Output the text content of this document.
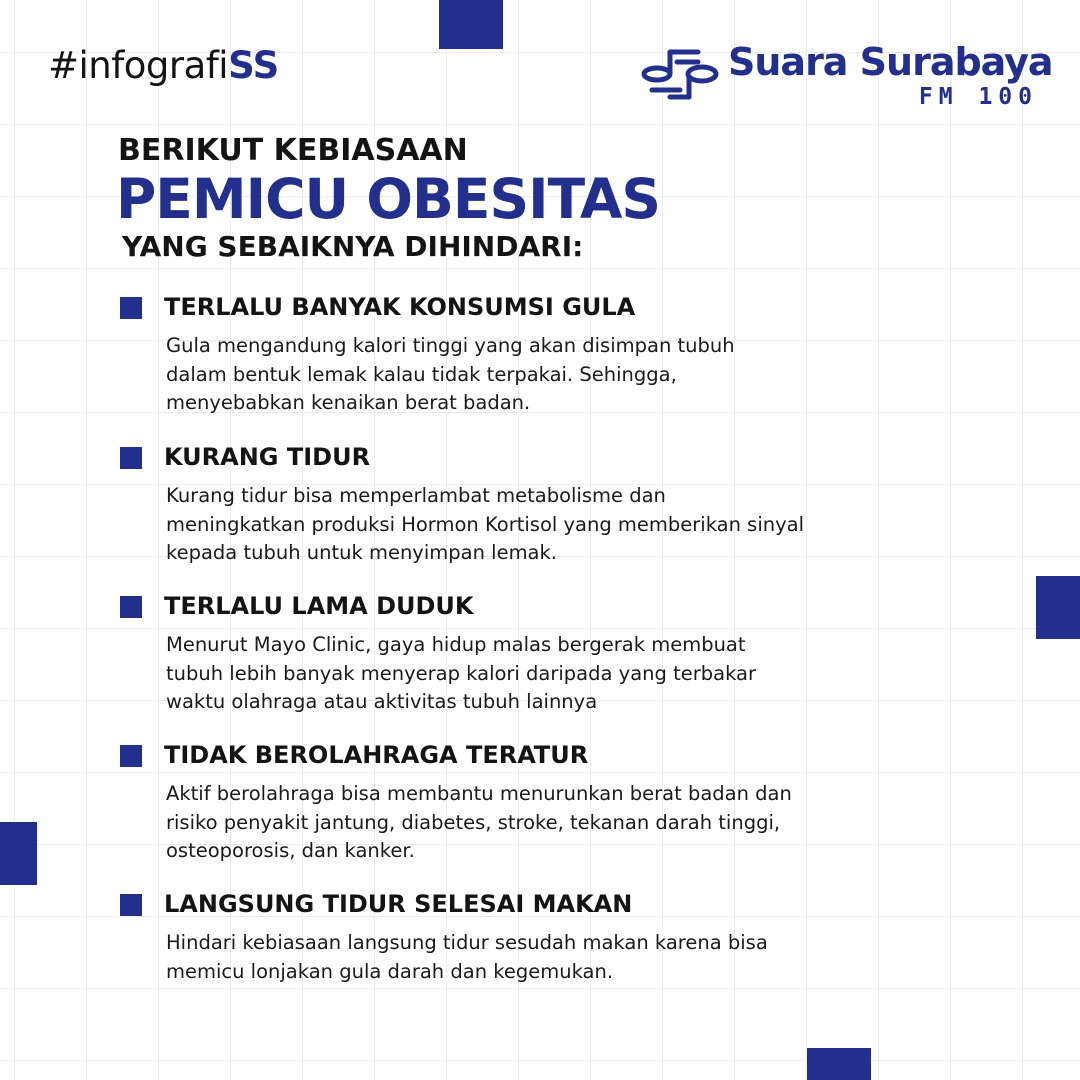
#infografiSS	Suara Surabaya
FM 100
BERIKUT KEBIASAAN
PEMICU OBESITAS
YANG SEBAIKNYA DIHINDARI:
TERLALU BANYAK KONSUMSI GULA
Gula mengandung kalori tinggi yang akan disimpan tubuh
dalam bentuk lemak kalau tidak terpakai. Sehingga,
menyebabkan kenaikan berat badan.
KURANG TIDUR
Kurang tidur bisa memperlambat metabolisme dan
meningkatkan produksi Hormon Kortisol yang memberikan sinyal
kepada tubuh untuk menyimpan lemak.
TERLALU LAMA DUDUK
Menurut Mayo Clinic, gaya hidup malas bergerak membuat
tubuh lebih banyak menyerap kalori daripada yang terbakar
waktu olahraga atau aktivitas tubuh lainnya
TIDAK BEROLAHRAGA TERATUR
Aktif berolahraga bisa membantu menurunkan berat badan dan
risiko penyakit jantung, diabetes, stroke, tekanan darah tinggi,
osteoporosis, dan kanker.
LANGSUNG TIDUR SELESAI MAKAN
Hindari kebiasaan langsung tidur sesudah makan karena bisa
memicu lonjakan gula darah dan kegemukan.
